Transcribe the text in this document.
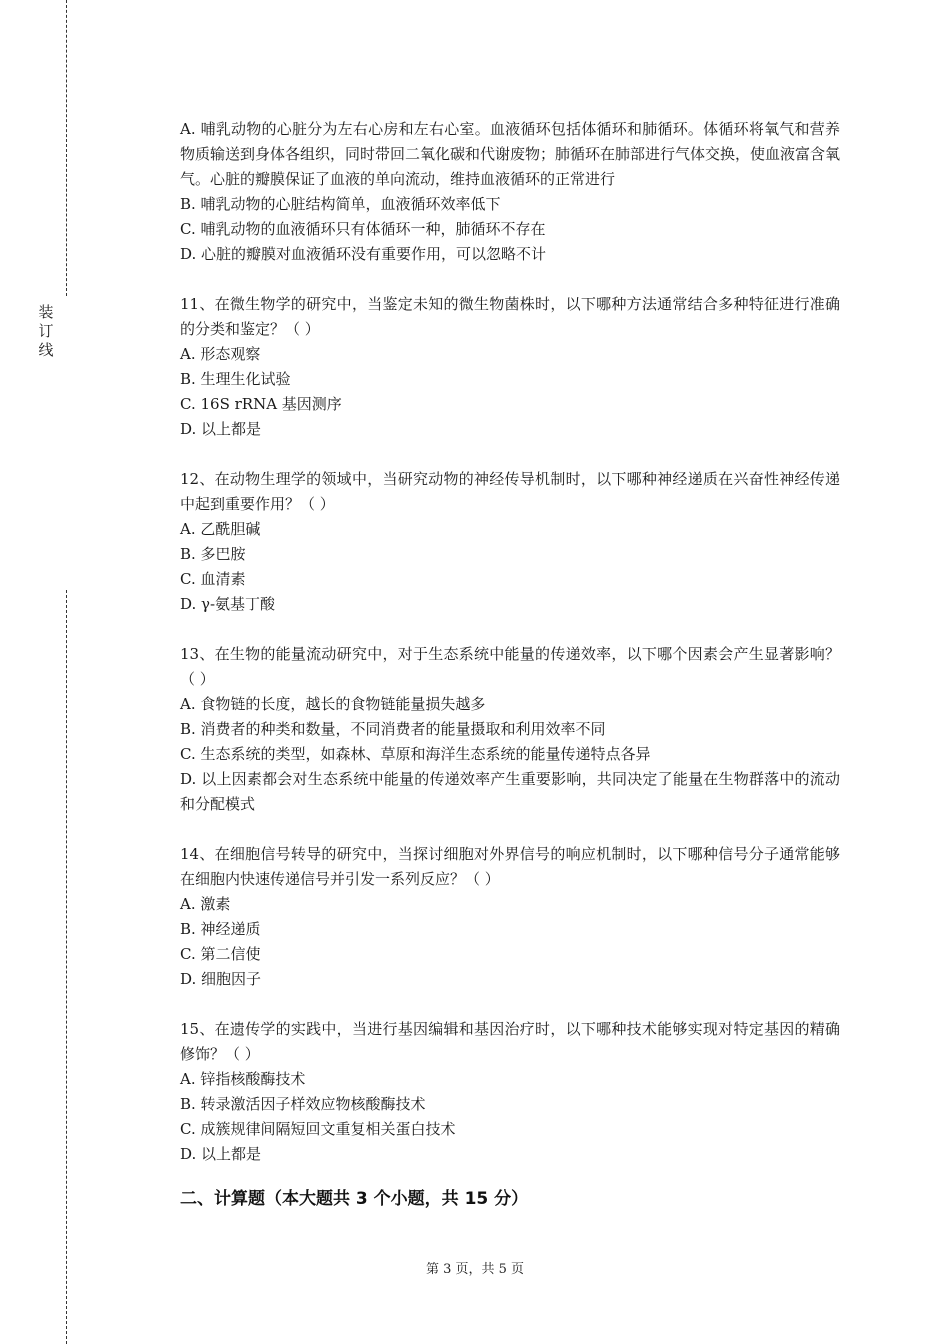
装
订
线
A. 哺乳动物的心脏分为左右心房和左右心室。血液循环包括体循环和肺循环。体循环将氧气和营养物质输送到身体各组织，同时带回二氧化碳和代谢废物；肺循环在肺部进行气体交换，使血液富含氧气。心脏的瓣膜保证了血液的单向流动，维持血液循环的正常进行
B. 哺乳动物的心脏结构简单，血液循环效率低下
C. 哺乳动物的血液循环只有体循环一种，肺循环不存在
D. 心脏的瓣膜对血液循环没有重要作用，可以忽略不计
11、在微生物学的研究中，当鉴定未知的微生物菌株时，以下哪种方法通常结合多种特征进行准确的分类和鉴定？（ ）
A. 形态观察
B. 生理生化试验
C. 16S rRNA 基因测序
D. 以上都是
12、在动物生理学的领域中，当研究动物的神经传导机制时，以下哪种神经递质在兴奋性神经传递中起到重要作用？（ ）
A. 乙酰胆碱
B. 多巴胺
C. 血清素
D. γ-氨基丁酸
13、在生物的能量流动研究中，对于生态系统中能量的传递效率，以下哪个因素会产生显著影响？（ ）
A. 食物链的长度，越长的食物链能量损失越多
B. 消费者的种类和数量，不同消费者的能量摄取和利用效率不同
C. 生态系统的类型，如森林、草原和海洋生态系统的能量传递特点各异
D. 以上因素都会对生态系统中能量的传递效率产生重要影响，共同决定了能量在生物群落中的流动和分配模式
14、在细胞信号转导的研究中，当探讨细胞对外界信号的响应机制时，以下哪种信号分子通常能够在细胞内快速传递信号并引发一系列反应？（ ）
A. 激素
B. 神经递质
C. 第二信使
D. 细胞因子
15、在遗传学的实践中，当进行基因编辑和基因治疗时，以下哪种技术能够实现对特定基因的精确修饰？（ ）
A. 锌指核酸酶技术
B. 转录激活因子样效应物核酸酶技术
C. 成簇规律间隔短回文重复相关蛋白技术
D. 以上都是
二、计算题（本大题共 3 个小题，共 15 分）
第 3 页，共 5 页
